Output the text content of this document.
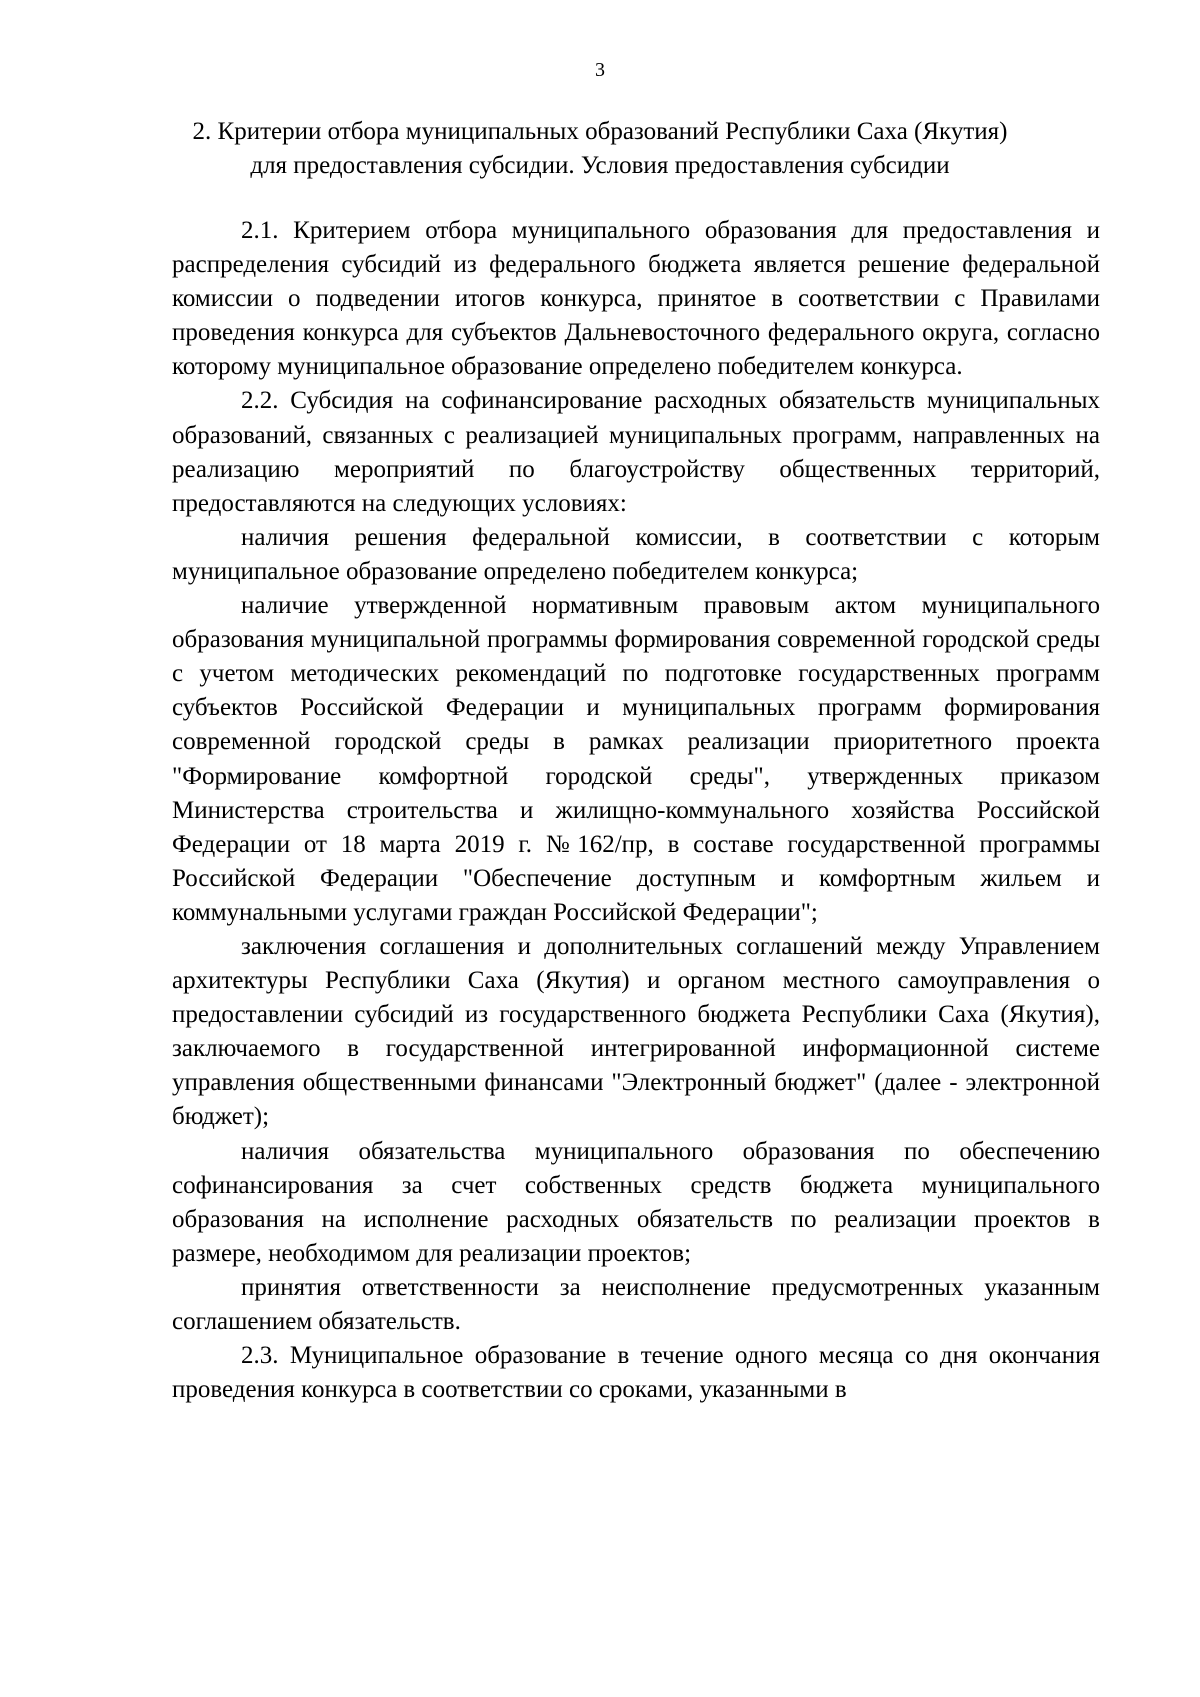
3
2. Критерии отбора муниципальных образований Республики Саха (Якутия)
для предоставления субсидии. Условия предоставления субсидии

2.1. Критерием отбора муниципального образования для предоставления и распределения субсидий из федерального бюджета является решение федеральной комиссии о подведении итогов конкурса, принятое в соответствии с Правилами проведения конкурса для субъектов Дальневосточного федерального округа, согласно которому муниципальное образование определено победителем конкурса.

2.2. Субсидия на софинансирование расходных обязательств муниципальных образований, связанных с реализацией муниципальных программ, направленных на реализацию мероприятий по благоустройству общественных территорий, предоставляются на следующих условиях:

наличия решения федеральной комиссии, в соответствии с которым муниципальное образование определено победителем конкурса;

наличие утвержденной нормативным правовым актом муниципального образования муниципальной программы формирования современной городской среды с учетом методических рекомендаций по подготовке государственных программ субъектов Российской Федерации и муниципальных программ формирования современной городской среды в рамках реализации приоритетного проекта "Формирование комфортной городской среды", утвержденных приказом Министерства строительства и жилищно-коммунального хозяйства Российской Федерации от 18 марта 2019 г. №162/пр, в составе государственной программы Российской Федерации "Обеспечение доступным и комфортным жильем и коммунальными услугами граждан Российской Федерации";

заключения соглашения и дополнительных соглашений между Управлением архитектуры Республики Саха (Якутия) и органом местного самоуправления о предоставлении субсидий из государственного бюджета Республики Саха (Якутия), заключаемого в государственной интегрированной информационной системе управления общественными финансами "Электронный бюджет" (далее - электронной бюджет);

наличия обязательства муниципального образования по обеспечению софинансирования за счет собственных средств бюджета муниципального образования на исполнение расходных обязательств по реализации проектов в размере, необходимом для реализации проектов;

принятия ответственности за неисполнение предусмотренных указанным соглашением обязательств.

2.3. Муниципальное образование в течение одного месяца со дня окончания проведения конкурса в соответствии со сроками, указанными в
